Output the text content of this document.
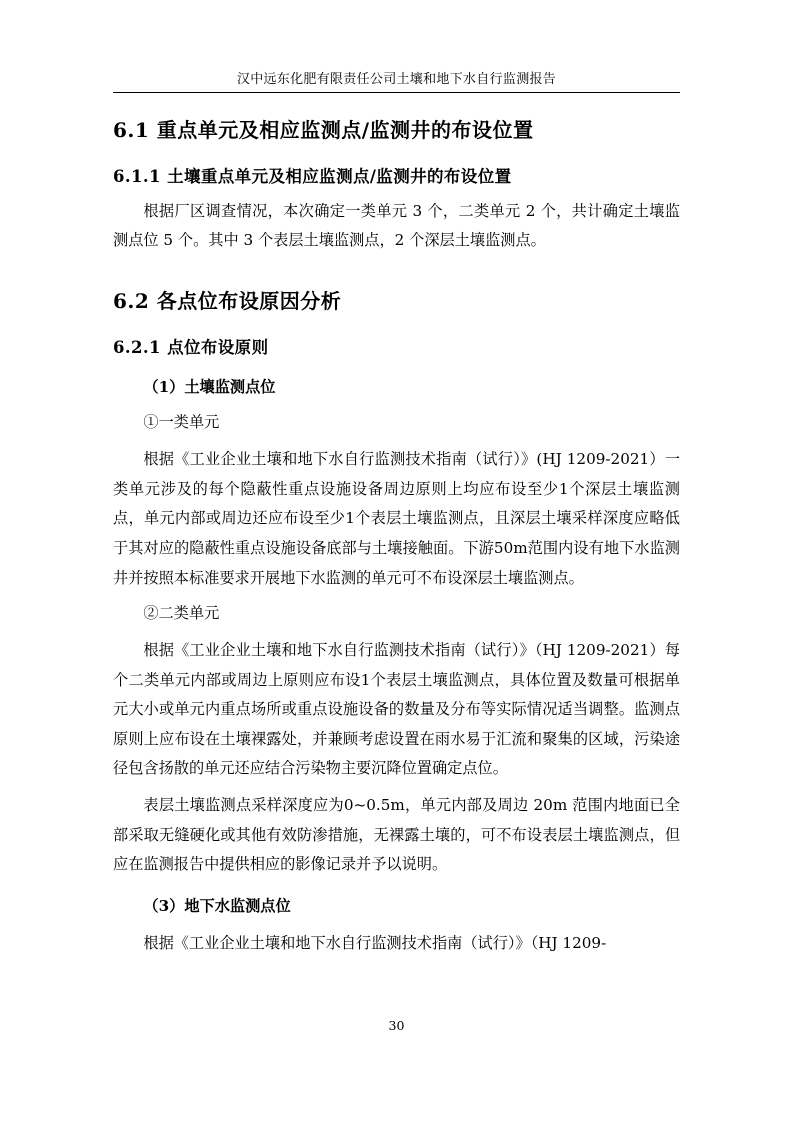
汉中远东化肥有限责任公司土壤和地下水自行监测报告
6.1 重点单元及相应监测点/监测井的布设位置
6.1.1 土壤重点单元及相应监测点/监测井的布设位置

根据厂区调查情况，本次确定一类单元 3 个，二类单元 2 个，共计确定土壤监测点位 5 个。其中 3 个表层土壤监测点，2 个深层土壤监测点。

6.2 各点位布设原因分析
6.2.1 点位布设原则

（1）土壤监测点位

①一类单元

根据《工业企业土壤和地下水自行监测技术指南（试行）》(HJ 1209-2021）一类单元涉及的每个隐蔽性重点设施设备周边原则上均应布设至少1个深层土壤监测点，单元内部或周边还应布设至少1个表层土壤监测点，且深层土壤采样深度应略低于其对应的隐蔽性重点设施设备底部与土壤接触面。下游50m范围内设有地下水监测井并按照本标准要求开展地下水监测的单元可不布设深层土壤监测点。

②二类单元

根据《工业企业土壤和地下水自行监测技术指南（试行）》（HJ 1209-2021）每个二类单元内部或周边上原则应布设1个表层土壤监测点，具体位置及数量可根据单元大小或单元内重点场所或重点设施设备的数量及分布等实际情况适当调整。监测点原则上应布设在土壤裸露处，并兼顾考虑设置在雨水易于汇流和聚集的区域，污染途径包含扬散的单元还应结合污染物主要沉降位置确定点位。

表层土壤监测点采样深度应为0~0.5m，单元内部及周边 20m 范围内地面已全部采取无缝硬化或其他有效防渗措施，无裸露土壤的，可不布设表层土壤监测点，但应在监测报告中提供相应的影像记录并予以说明。

（3）地下水监测点位

根据《工业企业土壤和地下水自行监测技术指南（试行）》（HJ 1209-

30
